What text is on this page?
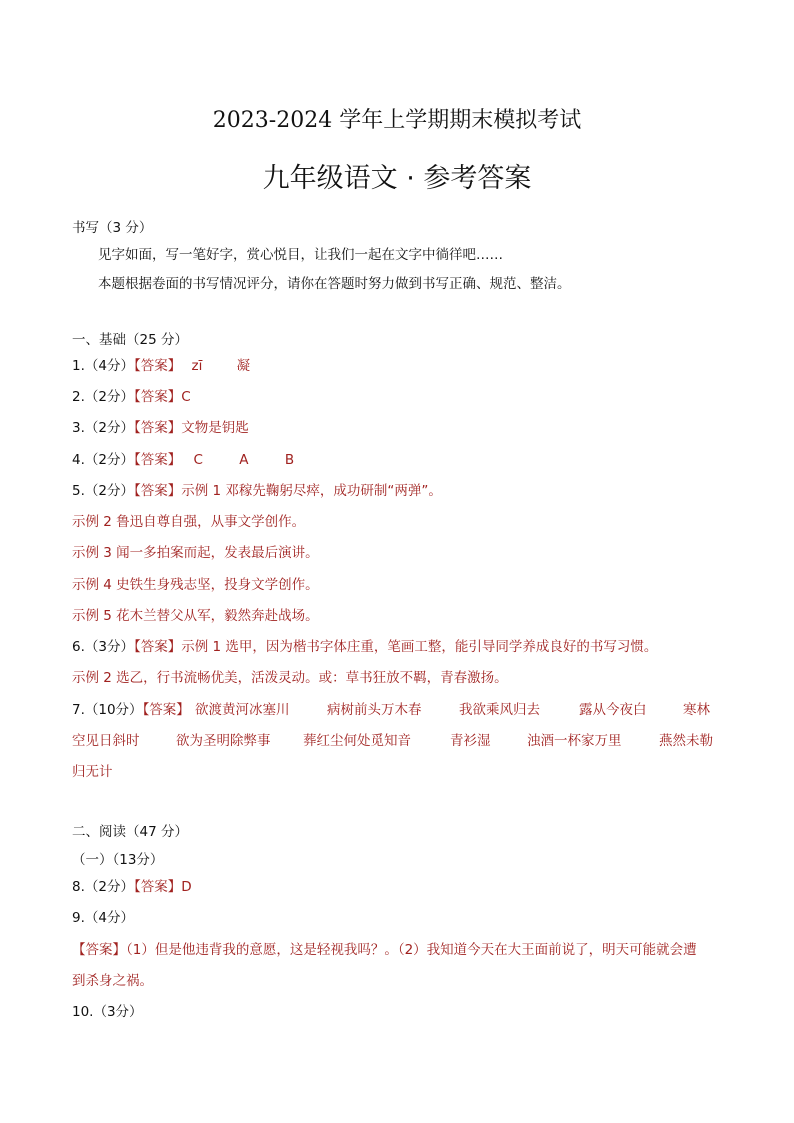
2023-2024 学年上学期期末模拟考试
九年级语文 · 参考答案
书写（3 分）
见字如面，写一笔好字，赏心悦目，让我们一起在文字中徜徉吧……
本题根据卷面的书写情况评分，请你在答题时努力做到书写正确、规范、整洁。
一、基础（25 分）
1.（4分）【答案】 zī	凝
2.（2分）【答案】C
3.（2分）【答案】文物是钥匙
4.（2分）【答案】 C	A	B
5.（2分）【答案】示例 1 邓稼先鞠躬尽瘁，成功研制“两弹”。
示例 2 鲁迅自尊自强，从事文学创作。
示例 3 闻一多拍案而起，发表最后演讲。
示例 4 史铁生身残志坚，投身文学创作。
示例 5 花木兰替父从军，毅然奔赴战场。
6.（3分）【答案】示例 1 选甲，因为楷书字体庄重，笔画工整，能引导同学养成良好的书写习惯。
示例 2 选乙，行书流畅优美，活泼灵动。或：草书狂放不羁，青春激扬。
7.（10分）【答案】 欲渡黄河冰塞川	病树前头万木春	我欲乘风归去	露从今夜白	寒林
空见日斜时	欲为圣明除弊事 葬红尘何处觅知音	青衫湿	浊酒一杯家万里	燕然未勒
归无计
二、阅读（47 分）
（一）（13分）
8.（2分）【答案】D
9.（4分）
【答案】（1）但是他违背我的意愿，这是轻视我吗？。（2）我知道今天在大王面前说了，明天可能就会遭
到杀身之祸。
10.（3分）
